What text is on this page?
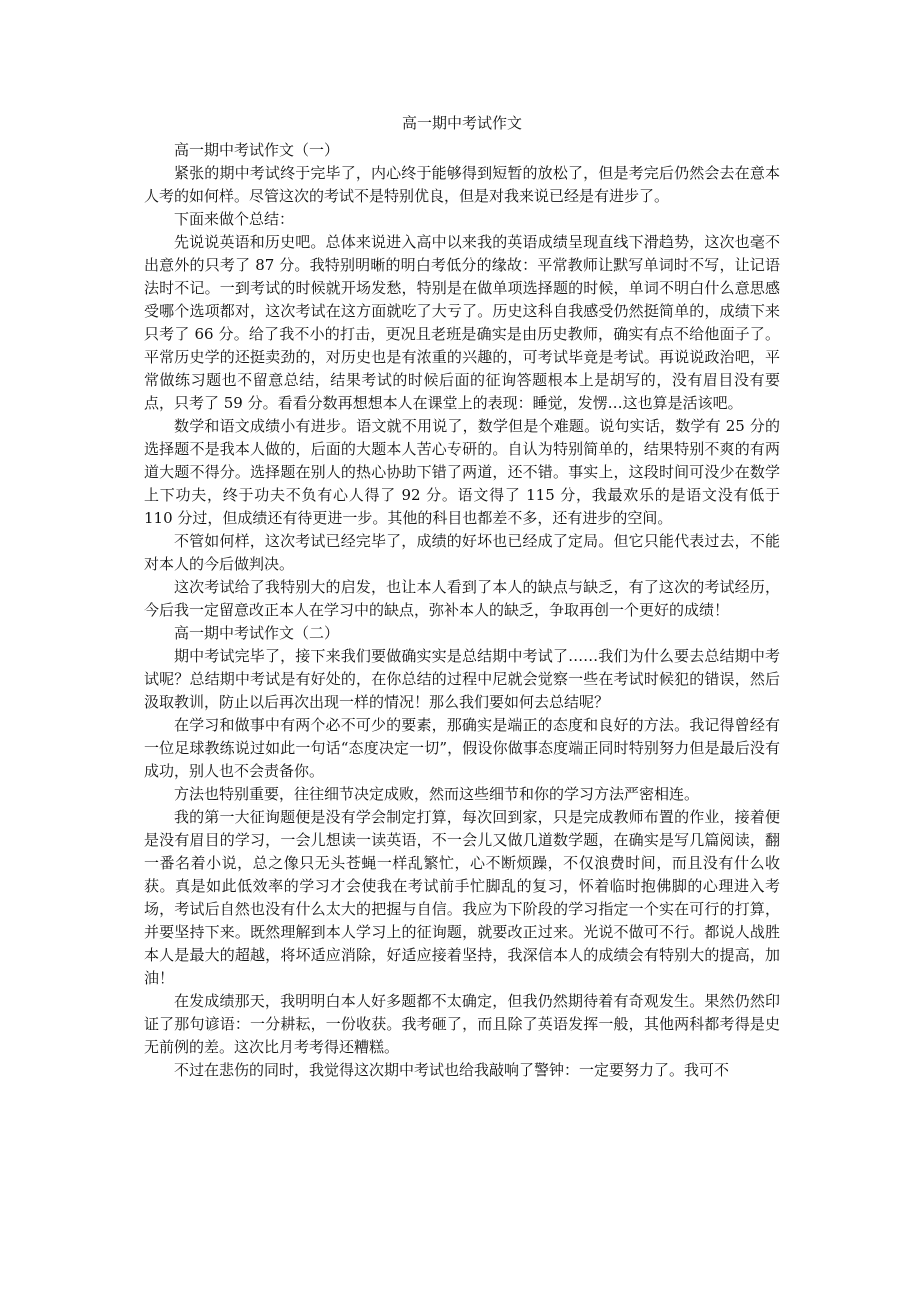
高一期中考试作文

高一期中考试作文（一）

紧张的期中考试终于完毕了，内心终于能够得到短暂的放松了，但是考完后仍然会去在意本人考的如何样。尽管这次的考试不是特别优良，但是对我来说已经是有进步了。

下面来做个总结：

先说说英语和历史吧。总体来说进入高中以来我的英语成绩呈现直线下滑趋势，这次也毫不出意外的只考了 87 分。我特别明晰的明白考低分的缘故：平常教师让默写单词时不写，让记语法时不记。一到考试的时候就开场发愁，特别是在做单项选择题的时候，单词不明白什么意思感受哪个选项都对，这次考试在这方面就吃了大亏了。历史这科自我感受仍然挺简单的，成绩下来只考了 66 分。给了我不小的打击，更况且老班是确实是由历史教师，确实有点不给他面子了。平常历史学的还挺卖劲的，对历史也是有浓重的兴趣的，可考试毕竟是考试。再说说政治吧，平常做练习题也不留意总结，结果考试的时候后面的征询答题根本上是胡写的，没有眉目没有要点，只考了 59 分。看看分数再想想本人在课堂上的表现：睡觉，发愣…这也算是活该吧。

数学和语文成绩小有进步。语文就不用说了，数学但是个难题。说句实话，数学有 25 分的选择题不是我本人做的，后面的大题本人苦心专研的。自认为特别简单的，结果特别不爽的有两道大题不得分。选择题在别人的热心协助下错了两道，还不错。事实上，这段时间可没少在数学上下功夫，终于功夫不负有心人得了 92 分。语文得了 115 分，我最欢乐的是语文没有低于 110 分过，但成绩还有待更进一步。其他的科目也都差不多，还有进步的空间。

不管如何样，这次考试已经完毕了，成绩的好坏也已经成了定局。但它只能代表过去，不能对本人的今后做判决。

这次考试给了我特别大的启发，也让本人看到了本人的缺点与缺乏，有了这次的考试经历，今后我一定留意改正本人在学习中的缺点，弥补本人的缺乏，争取再创一个更好的成绩！

高一期中考试作文（二）

期中考试完毕了，接下来我们要做确实实是总结期中考试了……我们为什么要去总结期中考试呢？总结期中考试是有好处的，在你总结的过程中尼就会觉察一些在考试时候犯的错误，然后汲取教训，防止以后再次出现一样的情况！那么我们要如何去总结呢？

在学习和做事中有两个必不可少的要素，那确实是端正的态度和良好的方法。我记得曾经有一位足球教练说过如此一句话“态度决定一切”，假设你做事态度端正同时特别努力但是最后没有成功，别人也不会责备你。

方法也特别重要，往往细节决定成败，然而这些细节和你的学习方法严密相连。

我的第一大征询题便是没有学会制定打算，每次回到家，只是完成教师布置的作业，接着便是没有眉目的学习，一会儿想读一读英语，不一会儿又做几道数学题，在确实是写几篇阅读，翻一番名着小说，总之像只无头苍蝇一样乱繁忙，心不断烦躁，不仅浪费时间，而且没有什么收获。真是如此低效率的学习才会使我在考试前手忙脚乱的复习，怀着临时抱佛脚的心理进入考场，考试后自然也没有什么太大的把握与自信。我应为下阶段的学习指定一个实在可行的打算，并要坚持下来。既然理解到本人学习上的征询题，就要改正过来。光说不做可不行。都说人战胜本人是最大的超越，将坏适应消除，好适应接着坚持，我深信本人的成绩会有特别大的提高，加油！

在发成绩那天，我明明白本人好多题都不太确定，但我仍然期待着有奇观发生。果然仍然印证了那句谚语：一分耕耘，一份收获。我考砸了，而且除了英语发挥一般，其他两科都考得是史无前例的差。这次比月考考得还糟糕。

不过在悲伤的同时，我觉得这次期中考试也给我敲响了警钟：一定要努力了。我可不
